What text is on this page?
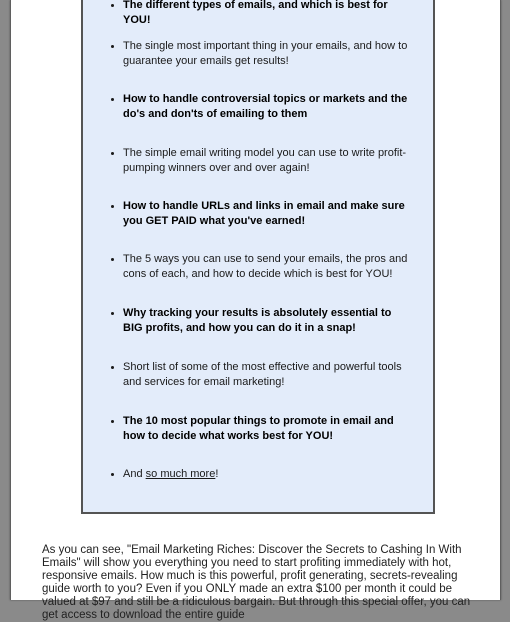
The different types of emails, and which is best for YOU!
The single most important thing in your emails, and how to guarantee your emails get results!
How to handle controversial topics or markets and the do's and don'ts of emailing to them
The simple email writing model you can use to write profit-pumping winners over and over again!
How to handle URLs and links in email and make sure you GET PAID what you've earned!
The 5 ways you can use to send your emails, the pros and cons of each, and how to decide which is best for YOU!
Why tracking your results is absolutely essential to BIG profits, and how you can do it in a snap!
Short list of some of the most effective and powerful tools and services for email marketing!
The 10 most popular things to promote in email and how to decide what works best for YOU!
And so much more!

As you can see, "Email Marketing Riches: Discover the Secrets to Cashing In With Emails" will show you everything you need to start profiting immediately with hot, responsive emails. How much is this powerful, profit generating, secrets-revealing guide worth to you? Even if you ONLY made an extra $100 per month it could be valued at $97 and still be a ridiculous bargain. But through this special offer, you can get access to download the entire guide
